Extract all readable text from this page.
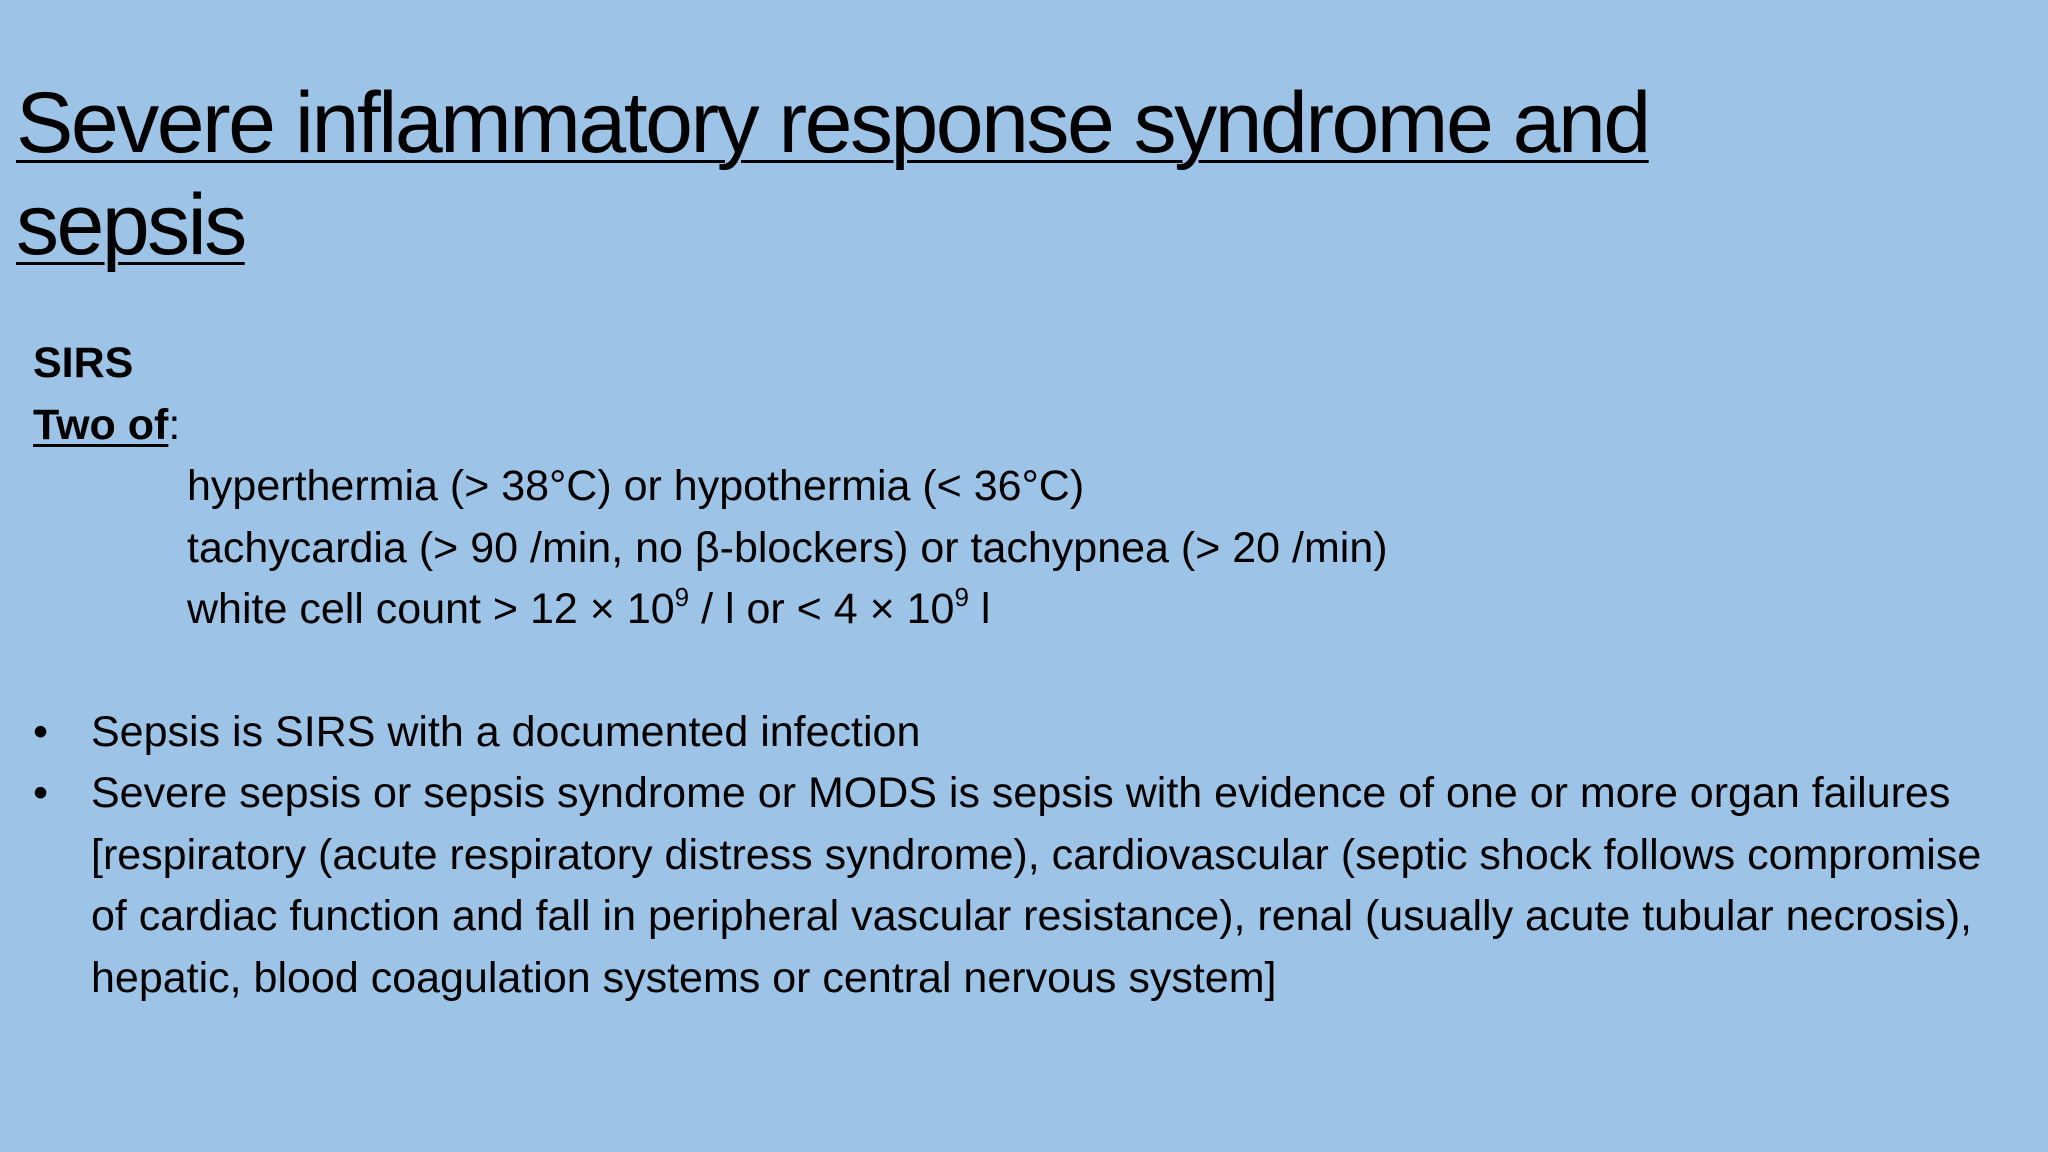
Severe inflammatory response syndrome and
sepsis
SIRS
Two of:
hyperthermia (> 38°C) or hypothermia (< 36°C)
tachycardia (> 90 /min, no β-blockers) or tachypnea (> 20 /min)
white cell count > $12 \times 10^9 / l$ or < $4 \times 10^9$ l
• Sepsis is SIRS with a documented infection
• Severe sepsis or sepsis syndrome or MODS is sepsis with evidence of one or more organ failures [respiratory (acute respiratory distress syndrome), cardiovascular (septic shock follows compromise of cardiac function and fall in peripheral vascular resistance), renal (usually acute tubular necrosis), hepatic, blood coagulation systems or central nervous system]
